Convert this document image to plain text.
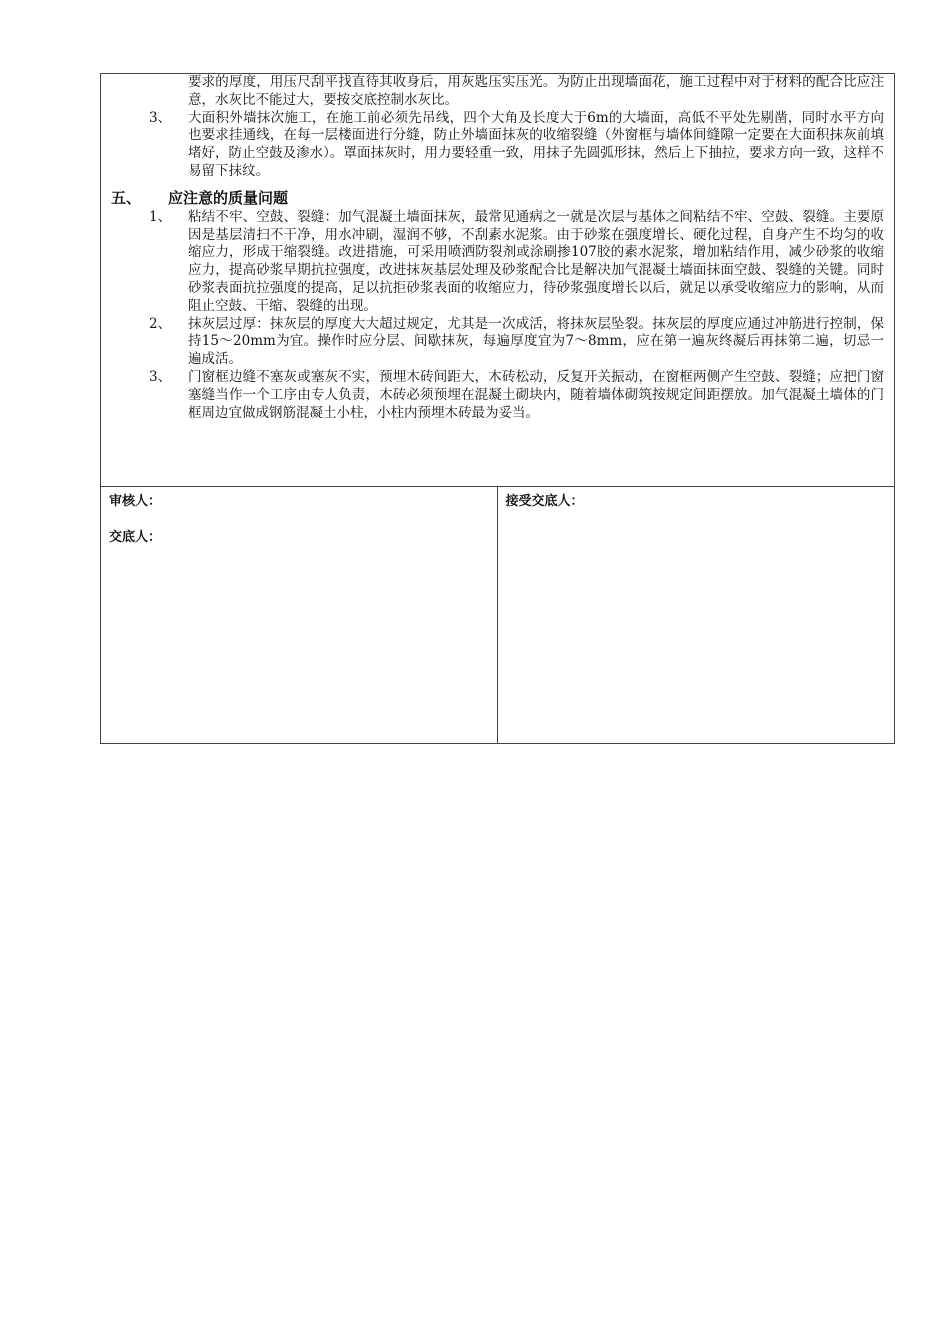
要求的厚度，用压尺刮平找直待其收身后，用灰匙压实压光。为防止出现墙面花，施工过程中对于材料的配合比应注意，水灰比不能过大，要按交底控制水灰比。

3、	大面积外墙抹次施工，在施工前必须先吊线，四个大角及长度大于6m的大墙面，高低不平处先剔凿，同时水平方向也要求挂通线，在每一层楼面进行分缝，防止外墙面抹灰的收缩裂缝（外窗框与墙体间缝隙一定要在大面积抹灰前填堵好，防止空鼓及渗水）。罩面抹灰时，用力要轻重一致，用抹子先圆弧形抹，然后上下抽拉，要求方向一致，这样不易留下抹纹。
五、 应注意的质量问题
1、	粘结不牢、空鼓、裂缝：加气混凝土墙面抹灰，最常见通病之一就是次层与基体之间粘结不牢、空鼓、裂缝。主要原因是基层清扫不干净，用水冲刷，湿润不够，不刮素水泥浆。由于砂浆在强度增长、硬化过程，自身产生不均匀的收缩应力，形成干缩裂缝。改进措施，可采用喷洒防裂剂或涂刷掺107胶的素水泥浆，增加粘结作用，减少砂浆的收缩应力，提高砂浆早期抗拉强度，改进抹灰基层处理及砂浆配合比是解决加气混凝土墙面抹面空鼓、裂缝的关键。同时砂浆表面抗拉强度的提高，足以抗拒砂浆表面的收缩应力，待砂浆强度增长以后，就足以承受收缩应力的影响，从而阻止空鼓、干缩、裂缝的出现。
2、	抹灰层过厚：抹灰层的厚度大大超过规定，尤其是一次成活，将抹灰层坠裂。抹灰层的厚度应通过冲筋进行控制，保持15～20mm为宜。操作时应分层、间歇抹灰，每遍厚度宜为7～8mm，应在第一遍灰终凝后再抹第二遍，切忌一遍成活。
3、	门窗框边缝不塞灰或塞灰不实，预埋木砖间距大，木砖松动，反复开关振动，在窗框两侧产生空鼓、裂缝；应把门窗塞缝当作一个工序由专人负责，木砖必须预埋在混凝土砌块内，随着墙体砌筑按规定间距摆放。加气混凝土墙体的门框周边宜做成钢筋混凝土小柱，小柱内预埋木砖最为妥当。
审核人：
交底人：
接受交底人：
